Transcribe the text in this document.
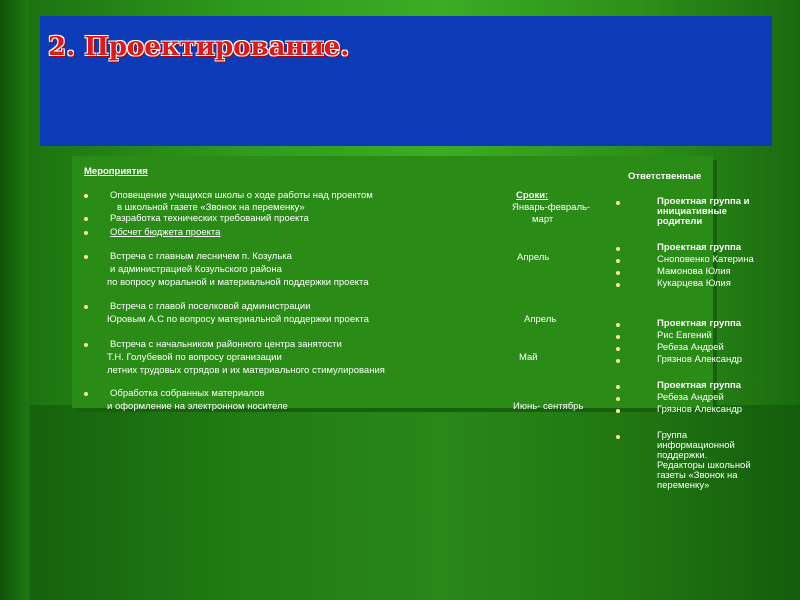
2. Проектирование.
Мероприятия
Оповещение учащихся школы о ходе работы над проектом
в школьной газете «Звонок на переменку»
Разработка технических требований проекта
Обсчет бюджета проекта
Встреча с главным лесничем п. Козулька
и администрацией Козульского района
по вопросу моральной и материальной поддержки проекта
Встреча с главой поселковой администрации
Юровым А.С по вопросу материальной поддержки проекта
Встреча с начальником районного центра занятости
Т.Н. Голубевой по вопросу организации
летних трудовых отрядов и их материального стимулирования
Обработка собранных материалов
и оформление на электронном носителе
Сроки:
Январь-февраль-
март
Апрель
Апрель
Май
Июнь- сентябрь
Ответственные
Проектная группа и инициативные родители
Проектная группа
Сноповенко Катерина
Мамонова Юлия
Кукарцева Юлия
Проектная группа
Рис Евгений
Ребеза Андрей
Грязнов Александр
Проектная группа
Ребеза Андрей
Грязнов Александр
Группа информационной поддержки. Редакторы школьной газеты «Звонок на переменку»
